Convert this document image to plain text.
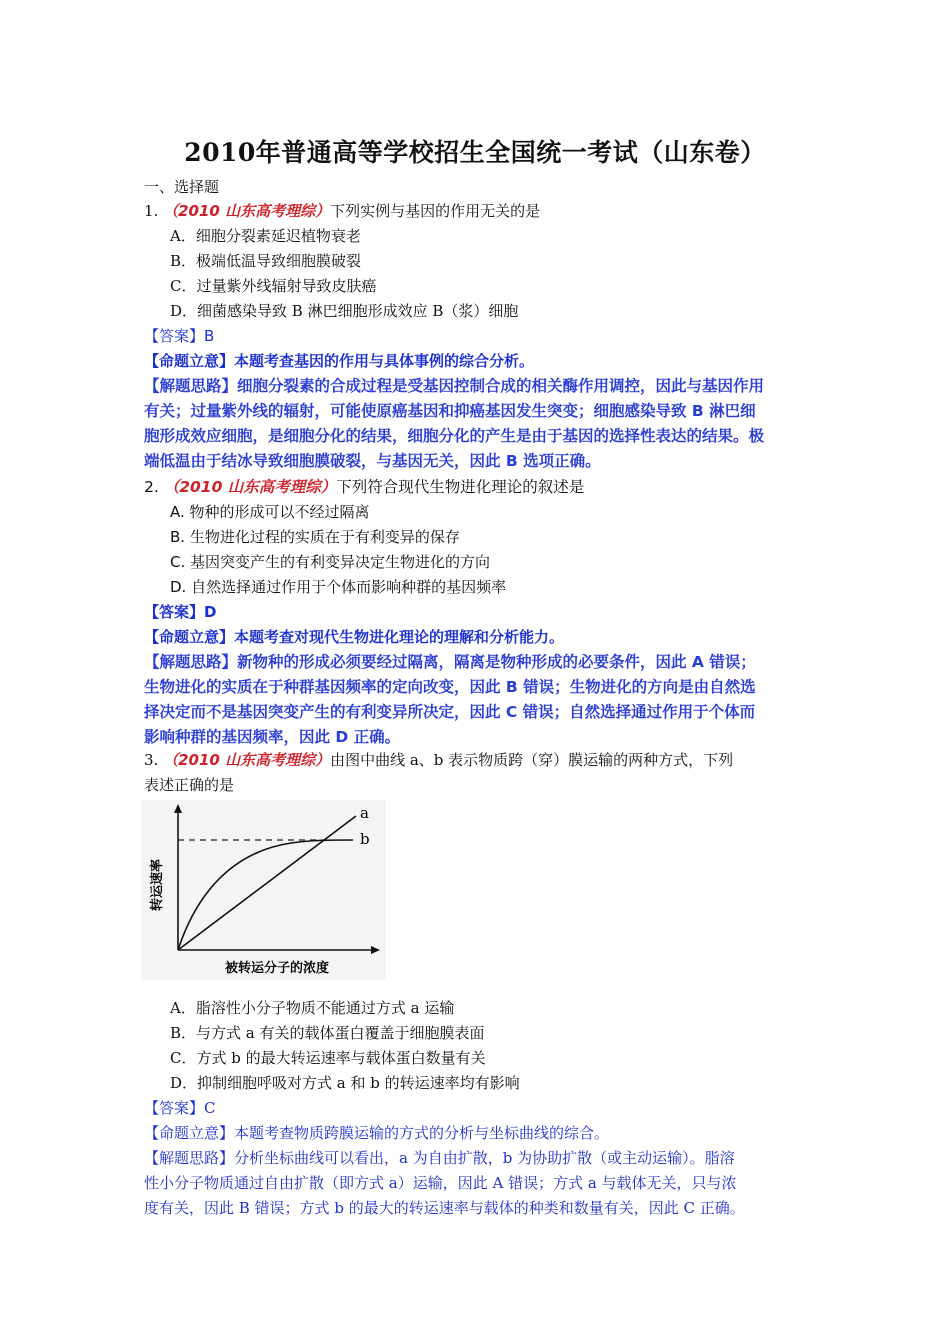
2010年普通高等学校招生全国统一考试（山东卷）
一、选择题
1. （2010 山东高考理综）下列实例与基因的作用无关的是
A．细胞分裂素延迟植物衰老
B．极端低温导致细胞膜破裂
C．过量紫外线辐射导致皮肤癌
D．细菌感染导致 B 淋巴细胞形成效应 B（浆）细胞
【答案】B
【命题立意】本题考查基因的作用与具体事例的综合分析。
【解题思路】细胞分裂素的合成过程是受基因控制合成的相关酶作用调控，因此与基因作用
有关；过量紫外线的辐射，可能使原癌基因和抑癌基因发生突变；细胞感染导致 B 淋巴细
胞形成效应细胞，是细胞分化的结果，细胞分化的产生是由于基因的选择性表达的结果。极
端低温由于结冰导致细胞膜破裂，与基因无关，因此 B 选项正确。
2. （2010 山东高考理综）下列符合现代生物进化理论的叙述是
A. 物种的形成可以不经过隔离
B. 生物进化过程的实质在于有利变异的保存
C. 基因突变产生的有利变异决定生物进化的方向
D. 自然选择通过作用于个体而影响种群的基因频率
【答案】D
【命题立意】本题考查对现代生物进化理论的理解和分析能力。
【解题思路】新物种的形成必须要经过隔离，隔离是物种形成的必要条件，因此 A 错误；
生物进化的实质在于种群基因频率的定向改变，因此 B 错误；生物进化的方向是由自然选
择决定而不是基因突变产生的有利变异所决定，因此 C 错误；自然选择通过作用于个体而
影响种群的基因频率，因此 D 正确。
3. （2010 山东高考理综）由图中曲线 a、b 表示物质跨（穿）膜运输的两种方式，下列
表述正确的是
a
b
转运速率
被转运分子的浓度
A．脂溶性小分子物质不能通过方式 a 运输
B．与方式 a 有关的载体蛋白覆盖于细胞膜表面
C．方式 b 的最大转运速率与载体蛋白数量有关
D．抑制细胞呼吸对方式 a 和 b 的转运速率均有影响
【答案】C
【命题立意】本题考查物质跨膜运输的方式的分析与坐标曲线的综合。
【解题思路】分析坐标曲线可以看出，a 为自由扩散，b 为协助扩散（或主动运输）。脂溶
性小分子物质通过自由扩散（即方式 a）运输，因此 A 错误；方式 a 与载体无关，只与浓
度有关，因此 B 错误；方式 b 的最大的转运速率与载体的种类和数量有关，因此 C 正确。
